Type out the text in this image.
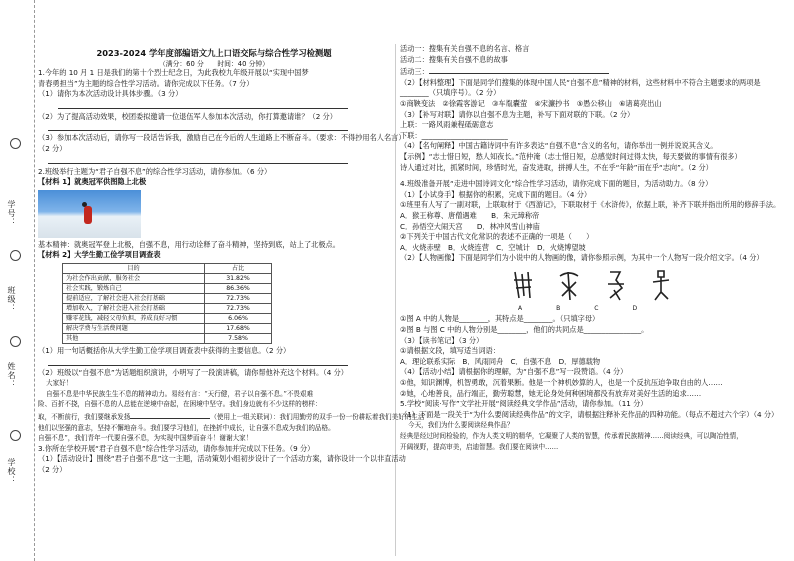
学号：
班级：
姓名：
学校：
2023-2024 学年度部编语文九上口语交际与综合性学习检测题
（满分：60 分　　时间：40 分钟）

1.今年的 10 月 1 日是我们的第十个烈士纪念日，为此我校九年级开展以“实现中国梦

青春勇担当”为主题的综合性学习活动。请你完成以下任务。（7 分）

（1）请你为本次活动设计具体步骤。（3 分）

（2）为了提高活动效果，校团委拟邀请一位退伍军人参加本次活动，你打算邀请谁？（2 分）

（3）参加本次活动后，请你写一段话告诉我，激励自己在今后的人生道路上不断奋斗。（要求：不得抄用名人名言）

（2 分）

2.班级举行主题为“君子自强不息”的综合性学习活动，请你参加。（6 分）

【材料 1】就奥冠军供图隐上北极

基本精神：就奥冠军登上北极，自强不息，用行动诠释了奋斗精神，坚持到底，站上了北极点。

【材料 2】大学生勤工俭学项目调查表

目的	占比
为社会作出贡献，服务社会	31.82%
社会实践，锻炼自己	86.36%
提前适应，了解社会进入社会打基础	72.73%
增加收入，了解社会进入社会打基础	72.73%
赚零花钱，减轻父母负担，养成良好习惯	6.06%
解决学费与生活费问题	17.68%
其他	7.58%

（1）用一句话概括你从大学生勤工俭学项目调查表中获得的主要信息。（2 分）

（2）班级以“自强不息”为话题组织演讲，小明写了一段演讲稿，请你帮他补充这个材料。（4 分）

大家好！

自强不息是中华民族生生不息的精神动力。易经有言：“天行健，君子以自强不息。”不畏艰难

险、百折不挠，自强不息的人总能在逆境中奋起，在困境中坚守。我们身边就有不少这样的榜样：

取，不断前行，我们要继承发扬	（使用上一组关联词）：我们用勤劳的双手一份一份耕耘着我们美好的生活

他们以坚强的意志，坚持不懈地奋斗。我们要学习他们，在挫折中成长，让自强不息成为我们的品格。

自强不息”，我们青年一代要自强不息，为实现中国梦而奋斗！谢谢大家！

3.你所在学校开展“君子自强不息”综合性学习活动，请你参加并完成以下任务。（9 分）

（1）【活动设计】围绕“君子自强不息”这一主题，活动策划小组初步设计了一个活动方案，请你设计一个以非直活动

（2 分）

活动一：搜集有关自强不息的名言、格言

活动二：搜集有关自强不息的故事

活动三：

（2）【材料整理】下面是同学们搜集的体现中国人民“自强不息”精神的材料，这些材料中不符合主题要求的两项是

________（只填序号）。（2 分）

①商鞅变法　②徐霞客游记　③车胤囊萤　④宋濂抄书　⑤愚公移山　⑥诸葛亮出山

（3）【补写对联】请你以自强不息为主题，补写下面对联的下联。（2 分）

上联：一路风雨兼程砥砺意志

下联：________________________

（4）【名句阐释】中国古籍诗词中有许多表达“自强不息”含义的名句，请你举出一例并说说其含义。

【示例】“志士惜日短，愁人知夜长。”范仲淹（志士惜日短，总感觉时间过得太快，每天要做的事情有很多）

诗人通过对比，抓紧时间，珍惜时光，奋发进取，拼搏人生，不在乎“年龄”而在乎“志向”。（2 分）

4.班级准备开展“走进中国诗词文化”综合性学习活动，请你完成下面的题目，为活动助力。（8 分）

（1）【小试身手】根据你的积累，完成下面的题目。（4 分）

①班里有人写了一副对联，上联取材于《西游记》，下联取材于《水浒传》，依据上联，补齐下联并指出所用的修辞手法。

A．猴王称尊、唐僧遇难　　B．朱元璋称帝

C．孙悟空大闹天宫　　D．林冲风雪山神庙

②下列关于中国古代文化常识的表述不正确的一项是（　　）

A．火烧赤壁　B．火烧连营　C．空城计　D．火烧博望坡

（2）【人物画像】下面是同学们为小说中的人物画的像，请你参照示例，为其中一个人物写一段介绍文字。（4 分）

A	B	C	D

①图 A 中的人物是________，其特点是________。（只填字母）

②图 B 与图 C 中的人物分别是________，他们的共同点是________________。

（3）【读书笔记】（3 分）

①请根据文段，填写适当词语：

A．理论联系实际　B．风雨同舟　C．自强不息　D．厚德载物

（4）【活动小结】请根据你的理解，为“自强不息”写一段赞语。（4 分）

①他，知识渊博，机智勇敢，沉着果断。他是一个神机妙算的人，也是一个反抗压迫争取自由的人……

②她，心地善良，品行端正，勤劳聪慧，她无论身处何种困境都没有放弃对美好生活的追求……

5.学校“阅读·写作”文学社开展“阅读经典文学作品”活动，请你参加。（11 分）

（1）下面是一段关于“为什么要阅读经典作品”的文字，请根据注释补充作品的四种功能。（每点不超过六个字）（4 分）

今天，我们为什么要阅读经典作品？

经典是经过时间检验的，作为人类文明的精华，它凝聚了人类的智慧，传承着民族精神……阅读经典，可以陶冶性情，

开阔视野，提高审美，启迪智慧。我们要在阅读中……
